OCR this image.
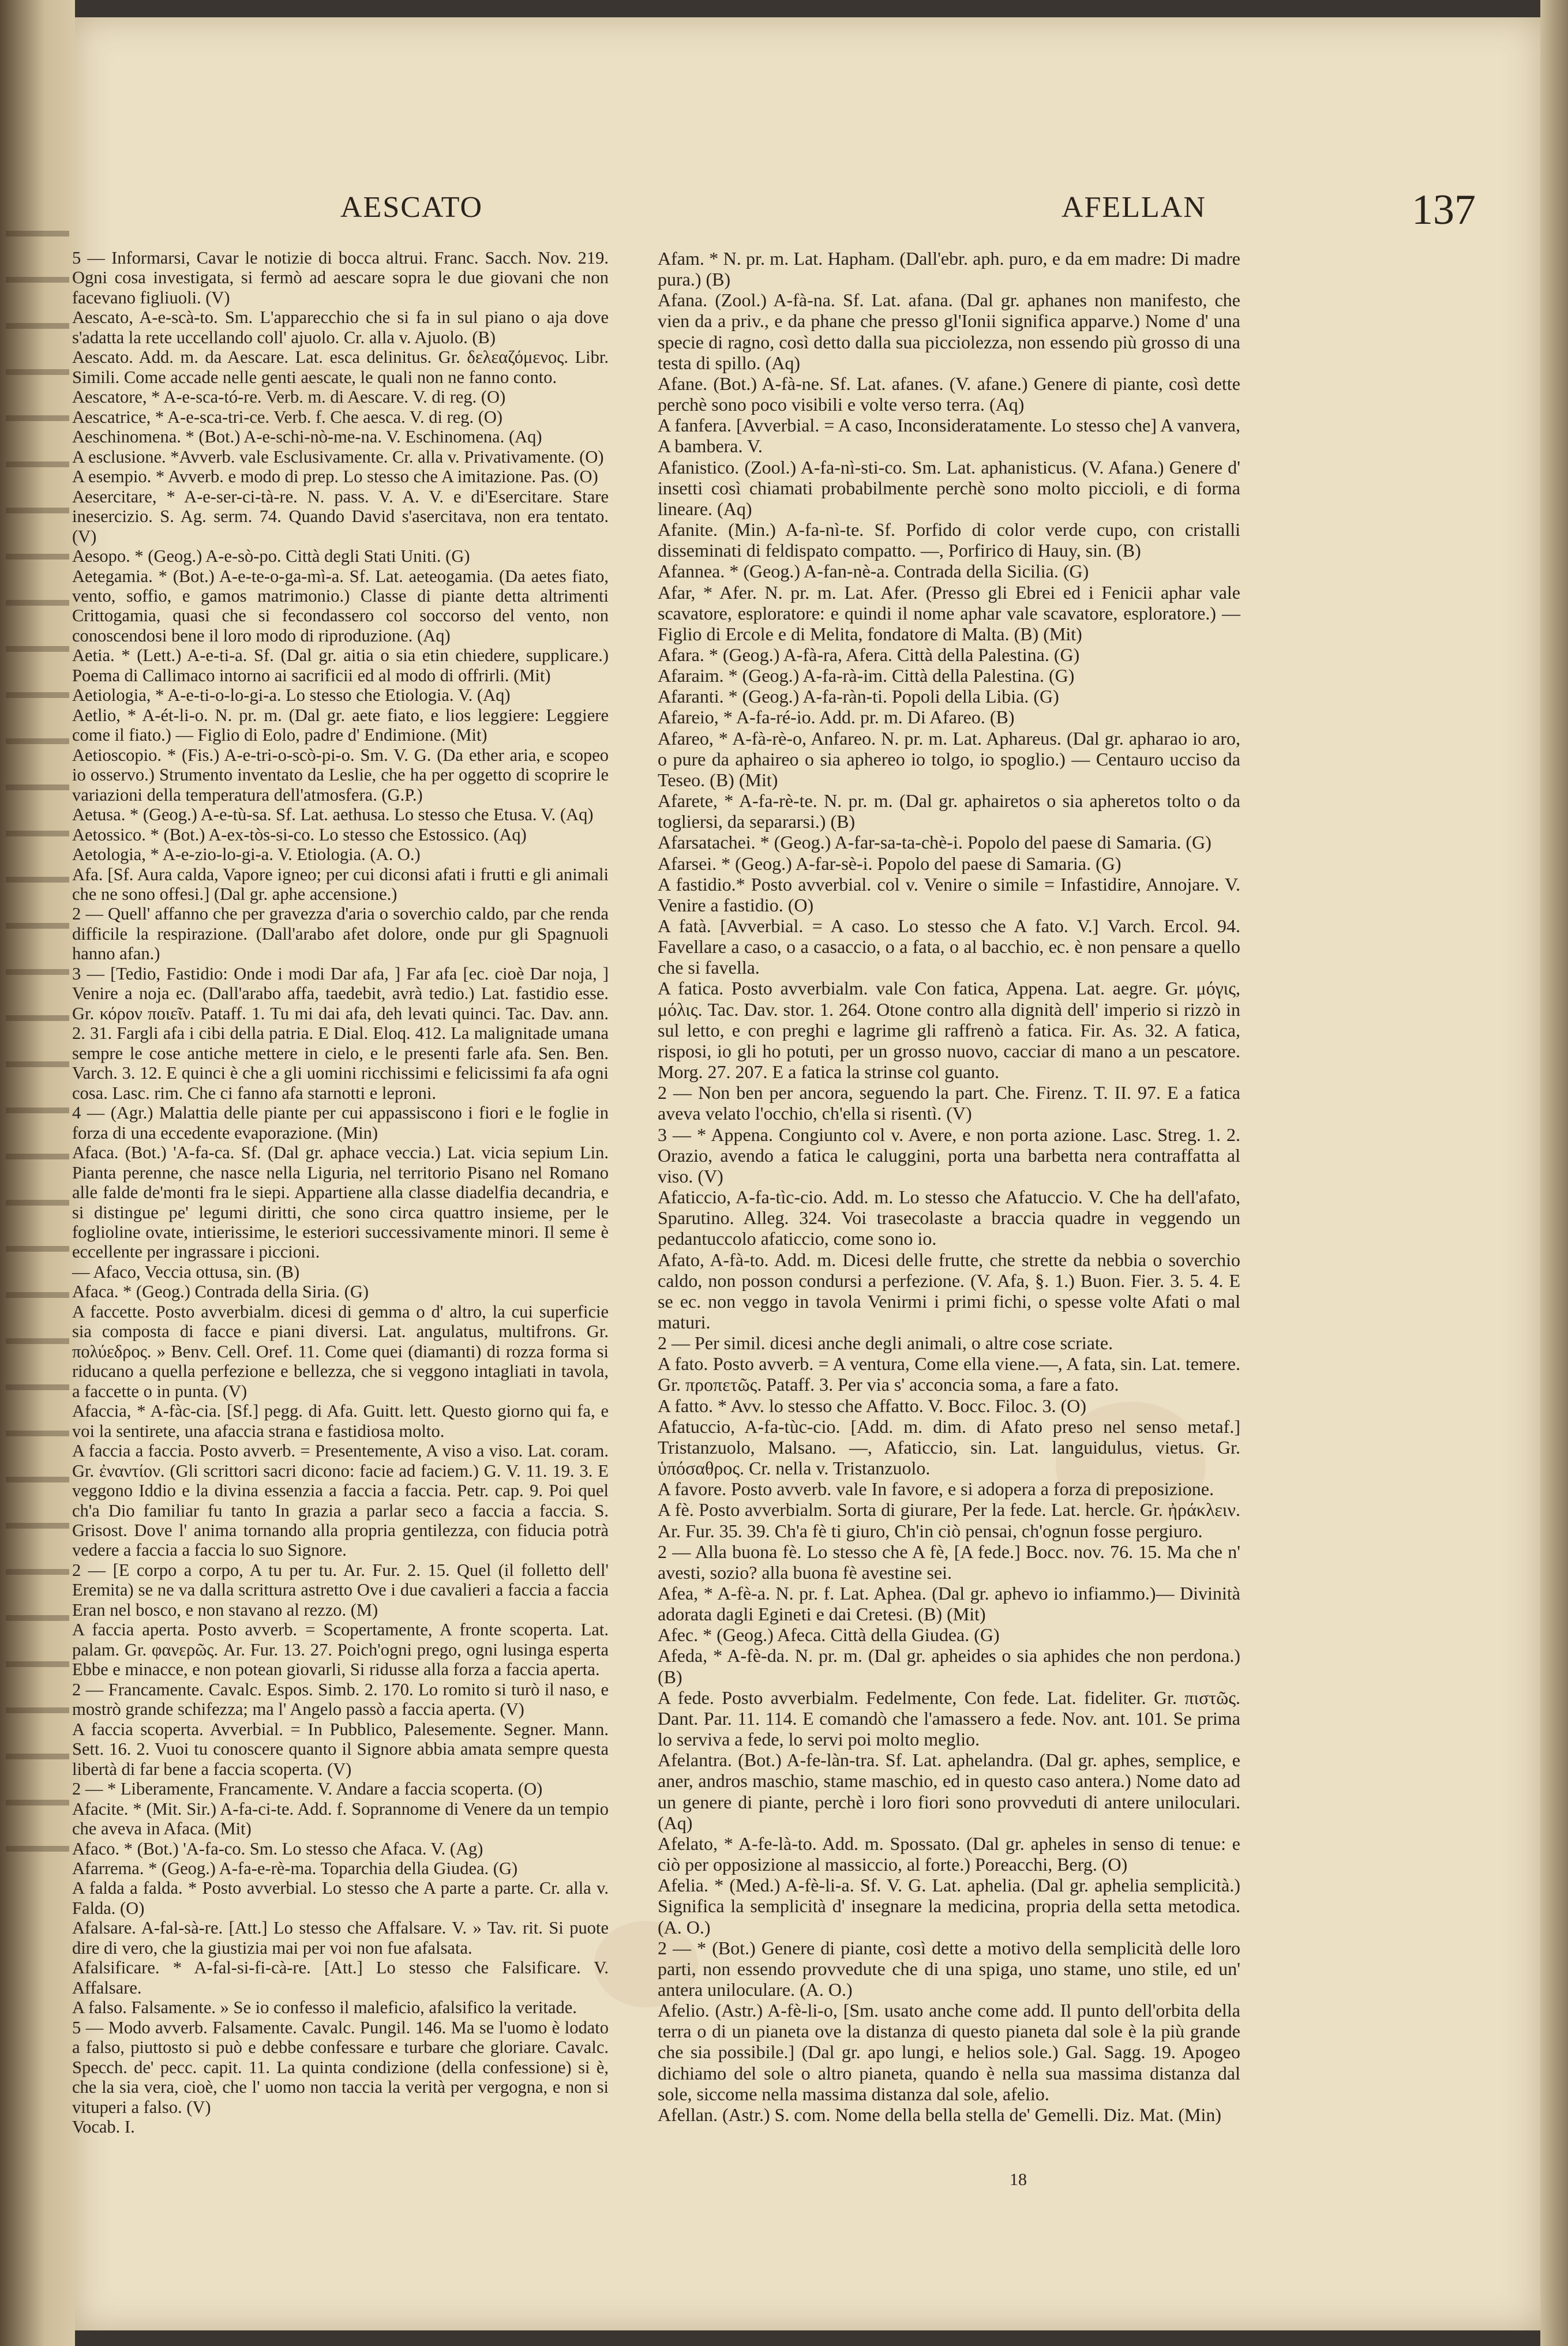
AESCATO	AFELLAN	137

5 — Informarsi, Cavar le notizie di bocca altrui. Franc. Sacch. Nov. 219. Ogni cosa investigata, si fermò ad aescare sopra le due giovani che non facevano figliuoli. (V)

Aescato, A-e-scà-to. Sm. L'apparecchio che si fa in sul piano o aja dove s'adatta la rete uccellando coll' ajuolo. Cr. alla v. Ajuolo. (B)

Aescato. Add. m. da Aescare. Lat. esca delinitus. Gr. δελεαζόμενος. Libr. Simili. Come accade nelle genti aescate, le quali non ne fanno conto.

Aescatore, * A-e-sca-tó-re. Verb. m. di Aescare. V. di reg. (O)

Aescatrice, * A-e-sca-tri-ce. Verb. f. Che aesca. V. di reg. (O)

Aeschinomena. * (Bot.) A-e-schi-nò-me-na. V. Eschinomena. (Aq)

A esclusione. *Avverb. vale Esclusivamente. Cr. alla v. Privativamente. (O)

A esempio. * Avverb. e modo di prep. Lo stesso che A imitazione. Pas. (O)

Aesercitare, * A-e-ser-ci-tà-re. N. pass. V. A. V. e di'Esercitare. Stare inesercizio. S. Ag. serm. 74. Quando David s'asercitava, non era tentato. (V)

Aesopo. * (Geog.) A-e-sò-po. Città degli Stati Uniti. (G)

Aetegamia. * (Bot.) A-e-te-o-ga-mì-a. Sf. Lat. aeteogamia. (Da aetes fiato, vento, soffio, e gamos matrimonio.) Classe di piante detta altrimenti Crittogamia, quasi che si fecondassero col soccorso del vento, non conoscendosi bene il loro modo di riproduzione. (Aq)

Aetia. * (Lett.) A-e-ti-a. Sf. (Dal gr. aitia o sia etin chiedere, supplicare.) Poema di Callimaco intorno ai sacrificii ed al modo di offrirli. (Mit)

Aetiologia, * A-e-ti-o-lo-gi-a. Lo stesso che Etiologia. V. (Aq)

Aetlio, * A-ét-li-o. N. pr. m. (Dal gr. aete fiato, e lios leggiere: Leggiere come il fiato.) — Figlio di Eolo, padre d' Endimione. (Mit)

Aetioscopio. * (Fis.) A-e-tri-o-scò-pi-o. Sm. V. G. (Da ether aria, e scopeo io osservo.) Strumento inventato da Leslie, che ha per oggetto di scoprire le variazioni della temperatura dell'atmosfera. (G.P.)

Aetusa. * (Geog.) A-e-tù-sa. Sf. Lat. aethusa. Lo stesso che Etusa. V. (Aq)

Aetossico. * (Bot.) A-ex-tòs-si-co. Lo stesso che Estossico. (Aq)

Aetologia, * A-e-zio-lo-gi-a. V. Etiologia. (A. O.)

Afa. [Sf. Aura calda, Vapore igneo; per cui diconsi afati i frutti e gli animali che ne sono offesi.] (Dal gr. aphe accensione.)

2 — Quell' affanno che per gravezza d'aria o soverchio caldo, par che renda difficile la respirazione. (Dall'arabo afet dolore, onde pur gli Spagnuoli hanno afan.)

3 — [Tedio, Fastidio: Onde i modi Dar afa, ] Far afa [ec. cioè Dar noja, ] Venire a noja ec. (Dall'arabo affa, taedebit, avrà tedio.) Lat. fastidio esse. Gr. κόρον ποιεῖν. Pataff. 1. Tu mi dai afa, deh levati quinci. Tac. Dav. ann. 2. 31. Fargli afa i cibi della patria. E Dial. Eloq. 412. La malignitade umana sempre le cose antiche mettere in cielo, e le presenti farle afa. Sen. Ben. Varch. 3. 12. E quinci è che a gli uomini ricchissimi e felicissimi fa afa ogni cosa. Lasc. rim. Che ci fanno afa starnotti e leproni.

4 — (Agr.) Malattia delle piante per cui appassiscono i fiori e le foglie in forza di una eccedente evaporazione. (Min)

Afaca. (Bot.) 'A-fa-ca. Sf. (Dal gr. aphace veccia.) Lat. vicia sepium Lin. Pianta perenne, che nasce nella Liguria, nel territorio Pisano nel Romano alle falde de'monti fra le siepi. Appartiene alla classe diadelfia decandria, e si distingue pe' legumi diritti, che sono circa quattro insieme, per le foglioline ovate, intierissime, le esteriori successivamente minori. Il seme è eccellente per ingrassare i piccioni.

— Afaco, Veccia ottusa, sin. (B)

Afaca. * (Geog.) Contrada della Siria. (G)

A faccette. Posto avverbialm. dicesi di gemma o d' altro, la cui superficie sia composta di facce e piani diversi. Lat. angulatus, multifrons. Gr. πολύεδρος. » Benv. Cell. Oref. 11. Come quei (diamanti) di rozza forma si riducano a quella perfezione e bellezza, che si veggono intagliati in tavola, a faccette o in punta. (V)

Afaccia, * A-fàc-cia. [Sf.] pegg. di Afa. Guitt. lett. Questo giorno qui fa, e voi la sentirete, una afaccia strana e fastidiosa molto.

A faccia a faccia. Posto avverb. = Presentemente, A viso a viso. Lat. coram. Gr. ἐναντίον. (Gli scrittori sacri dicono: facie ad faciem.) G. V. 11. 19. 3. E veggono Iddio e la divina essenzia a faccia a faccia. Petr. cap. 9. Poi quel ch'a Dio familiar fu tanto In grazia a parlar seco a faccia a faccia. S. Grisost. Dove l' anima tornando alla propria gentilezza, con fiducia potrà vedere a faccia a faccia lo suo Signore.

2 — [E corpo a corpo, A tu per tu. Ar. Fur. 2. 15. Quel (il folletto dell' Eremita) se ne va dalla scrittura astretto Ove i due cavalieri a faccia a faccia Eran nel bosco, e non stavano al rezzo. (M)

A faccia aperta. Posto avverb. = Scopertamente, A fronte scoperta. Lat. palam. Gr. φανερῶς. Ar. Fur. 13. 27. Poich'ogni prego, ogni lusinga esperta Ebbe e minacce, e non potean giovarli, Si ridusse alla forza a faccia aperta.

2 — Francamente. Cavalc. Espos. Simb. 2. 170. Lo romito si turò il naso, e mostrò grande schifezza; ma l' Angelo passò a faccia aperta. (V)

A faccia scoperta. Avverbial. = In Pubblico, Palesemente. Segner. Mann. Sett. 16. 2. Vuoi tu conoscere quanto il Signore abbia amata sempre questa libertà di far bene a faccia scoperta. (V)

2 — * Liberamente, Francamente. V. Andare a faccia scoperta. (O)

Afacite. * (Mit. Sir.) A-fa-ci-te. Add. f. Soprannome di Venere da un tempio che aveva in Afaca. (Mit)

Afaco. * (Bot.) 'A-fa-co. Sm. Lo stesso che Afaca. V. (Ag)

Afarrema. * (Geog.) A-fa-e-rè-ma. Toparchia della Giudea. (G)

A falda a falda. * Posto avverbial. Lo stesso che A parte a parte. Cr. alla v. Falda. (O)

Afalsare. A-fal-sà-re. [Att.] Lo stesso che Affalsare. V. » Tav. rit. Si puote dire di vero, che la giustizia mai per voi non fue afalsata.

Afalsificare. * A-fal-si-fi-cà-re. [Att.] Lo stesso che Falsificare. V. Affalsare.

A falso. Falsamente. » Se io confesso il maleficio, afalsifico la veritade.

5 — Modo avverb. Falsamente. Cavalc. Pungil. 146. Ma se l'uomo è lodato a falso, piuttosto si può e debbe confessare e turbare che gloriare. Cavalc. Specch. de' pecc. capit. 11. La quinta condizione (della confessione) si è, che la sia vera, cioè, che l' uomo non taccia la verità per vergogna, e non si vituperi a falso. (V)

Vocab. I.

Afam. * N. pr. m. Lat. Hapham. (Dall'ebr. aph. puro, e da em madre: Di madre pura.) (B)

Afana. (Zool.) A-fà-na. Sf. Lat. afana. (Dal gr. aphanes non manifesto, che vien da a priv., e da phane che presso gl'Ionii significa apparve.) Nome d' una specie di ragno, così detto dalla sua picciolezza, non essendo più grosso di una testa di spillo. (Aq)

Afane. (Bot.) A-fà-ne. Sf. Lat. afanes. (V. afane.) Genere di piante, così dette perchè sono poco visibili e volte verso terra. (Aq)

A fanfera. [Avverbial. = A caso, Inconsideratamente. Lo stesso che] A vanvera, A bambera. V.

Afanistico. (Zool.) A-fa-nì-sti-co. Sm. Lat. aphanisticus. (V. Afana.) Genere d' insetti così chiamati probabilmente perchè sono molto piccioli, e di forma lineare. (Aq)

Afanite. (Min.) A-fa-nì-te. Sf. Porfido di color verde cupo, con cristalli disseminati di feldispato compatto. —, Porfirico di Hauy, sin. (B)

Afannea. * (Geog.) A-fan-nè-a. Contrada della Sicilia. (G)

Afar, * Afer. N. pr. m. Lat. Afer. (Presso gli Ebrei ed i Fenicii aphar vale scavatore, esploratore: e quindi il nome aphar vale scavatore, esploratore.) — Figlio di Ercole e di Melita, fondatore di Malta. (B) (Mit)

Afara. * (Geog.) A-fà-ra, Afera. Città della Palestina. (G)

Afaraim. * (Geog.) A-fa-rà-im. Città della Palestina. (G)

Afaranti. * (Geog.) A-fa-ràn-ti. Popoli della Libia. (G)

Afareio, * A-fa-ré-io. Add. pr. m. Di Afareo. (B)

Afareo, * A-fà-rè-o, Anfareo. N. pr. m. Lat. Aphareus. (Dal gr. apharao io aro, o pure da aphaireo o sia aphereo io tolgo, io spoglio.) — Centauro ucciso da Teseo. (B) (Mit)

Afarete, * A-fa-rè-te. N. pr. m. (Dal gr. aphairetos o sia apheretos tolto o da togliersi, da separarsi.) (B)

Afarsatachei. * (Geog.) A-far-sa-ta-chè-i. Popolo del paese di Samaria. (G)

Afarsei. * (Geog.) A-far-sè-i. Popolo del paese di Samaria. (G)

A fastidio.* Posto avverbial. col v. Venire o simile = Infastidire, Annojare. V. Venire a fastidio. (O)

A fatà. [Avverbial. = A caso. Lo stesso che A fato. V.] Varch. Ercol. 94. Favellare a caso, o a casaccio, o a fata, o al bacchio, ec. è non pensare a quello che si favella.

A fatica. Posto avverbialm. vale Con fatica, Appena. Lat. aegre. Gr. μόγις, μόλις. Tac. Dav. stor. 1. 264. Otone contro alla dignità dell' imperio si rizzò in sul letto, e con preghi e lagrime gli raffrenò a fatica. Fir. As. 32. A fatica, risposi, io gli ho potuti, per un grosso nuovo, cacciar di mano a un pescatore. Morg. 27. 207. E a fatica la strinse col guanto.

2 — Non ben per ancora, seguendo la part. Che. Firenz. T. II. 97. E a fatica aveva velato l'occhio, ch'ella si risentì. (V)

3 — * Appena. Congiunto col v. Avere, e non porta azione. Lasc. Streg. 1. 2. Orazio, avendo a fatica le caluggini, porta una barbetta nera contraffatta al viso. (V)

Afaticcio, A-fa-tìc-cio. Add. m. Lo stesso che Afatuccio. V. Che ha dell'afato, Sparutino. Alleg. 324. Voi trasecolaste a braccia quadre in veggendo un pedantuccolo afaticcio, come sono io.

Afato, A-fà-to. Add. m. Dicesi delle frutte, che strette da nebbia o soverchio caldo, non posson condursi a perfezione. (V. Afa, §. 1.) Buon. Fier. 3. 5. 4. E se ec. non veggo in tavola Venirmi i primi fichi, o spesse volte Afati o mal maturi.

2 — Per simil. dicesi anche degli animali, o altre cose scriate.

A fato. Posto avverb. = A ventura, Come ella viene.—, A fata, sin. Lat. temere. Gr. προπετῶς. Pataff. 3. Per via s' acconcia soma, a fare a fato.

A fatto. * Avv. lo stesso che Affatto. V. Bocc. Filoc. 3. (O)

Afatuccio, A-fa-tùc-cio. [Add. m. dim. di Afato preso nel senso metaf.] Tristanzuolo, Malsano. —, Afaticcio, sin. Lat. languidulus, vietus. Gr. ὑπόσαθρος. Cr. nella v. Tristanzuolo.

A favore. Posto avverb. vale In favore, e si adopera a forza di preposizione.

A fè. Posto avverbialm. Sorta di giurare, Per la fede. Lat. hercle. Gr. ἠράκλειν. Ar. Fur. 35. 39. Ch'a fè ti giuro, Ch'in ciò pensai, ch'ognun fosse pergiuro.

2 — Alla buona fè. Lo stesso che A fè, [A fede.] Bocc. nov. 76. 15. Ma che n' avesti, sozio? alla buona fè avestine sei.

Afea, * A-fè-a. N. pr. f. Lat. Aphea. (Dal gr. aphevo io infiammo.)— Divinità adorata dagli Egineti e dai Cretesi. (B) (Mit)

Afec. * (Geog.) Afeca. Città della Giudea. (G)

Afeda, * A-fè-da. N. pr. m. (Dal gr. apheides o sia aphides che non perdona.) (B)

A fede. Posto avverbialm. Fedelmente, Con fede. Lat. fideliter. Gr. πιστῶς. Dant. Par. 11. 114. E comandò che l'amassero a fede. Nov. ant. 101. Se prima lo serviva a fede, lo servi poi molto meglio.

Afelantra. (Bot.) A-fe-làn-tra. Sf. Lat. aphelandra. (Dal gr. aphes, semplice, e aner, andros maschio, stame maschio, ed in questo caso antera.) Nome dato ad un genere di piante, perchè i loro fiori sono provveduti di antere uniloculari. (Aq)

Afelato, * A-fe-là-to. Add. m. Spossato. (Dal gr. apheles in senso di tenue: e ciò per opposizione al massiccio, al forte.) Poreacchi, Berg. (O)

Afelia. * (Med.) A-fè-li-a. Sf. V. G. Lat. aphelia. (Dal gr. aphelia semplicità.) Significa la semplicità d' insegnare la medicina, propria della setta metodica. (A. O.)

2 — * (Bot.) Genere di piante, così dette a motivo della semplicità delle loro parti, non essendo provvedute che di una spiga, uno stame, uno stile, ed un' antera uniloculare. (A. O.)

Afelio. (Astr.) A-fè-li-o, [Sm. usato anche come add. Il punto dell'orbita della terra o di un pianeta ove la distanza di questo pianeta dal sole è la più grande che sia possibile.] (Dal gr. apo lungi, e helios sole.) Gal. Sagg. 19. Apogeo dichiamo del sole o altro pianeta, quando è nella sua massima distanza dal sole, siccome nella massima distanza dal sole, afelio.

Afellan. (Astr.) S. com. Nome della bella stella de' Gemelli. Diz. Mat. (Min)

18
